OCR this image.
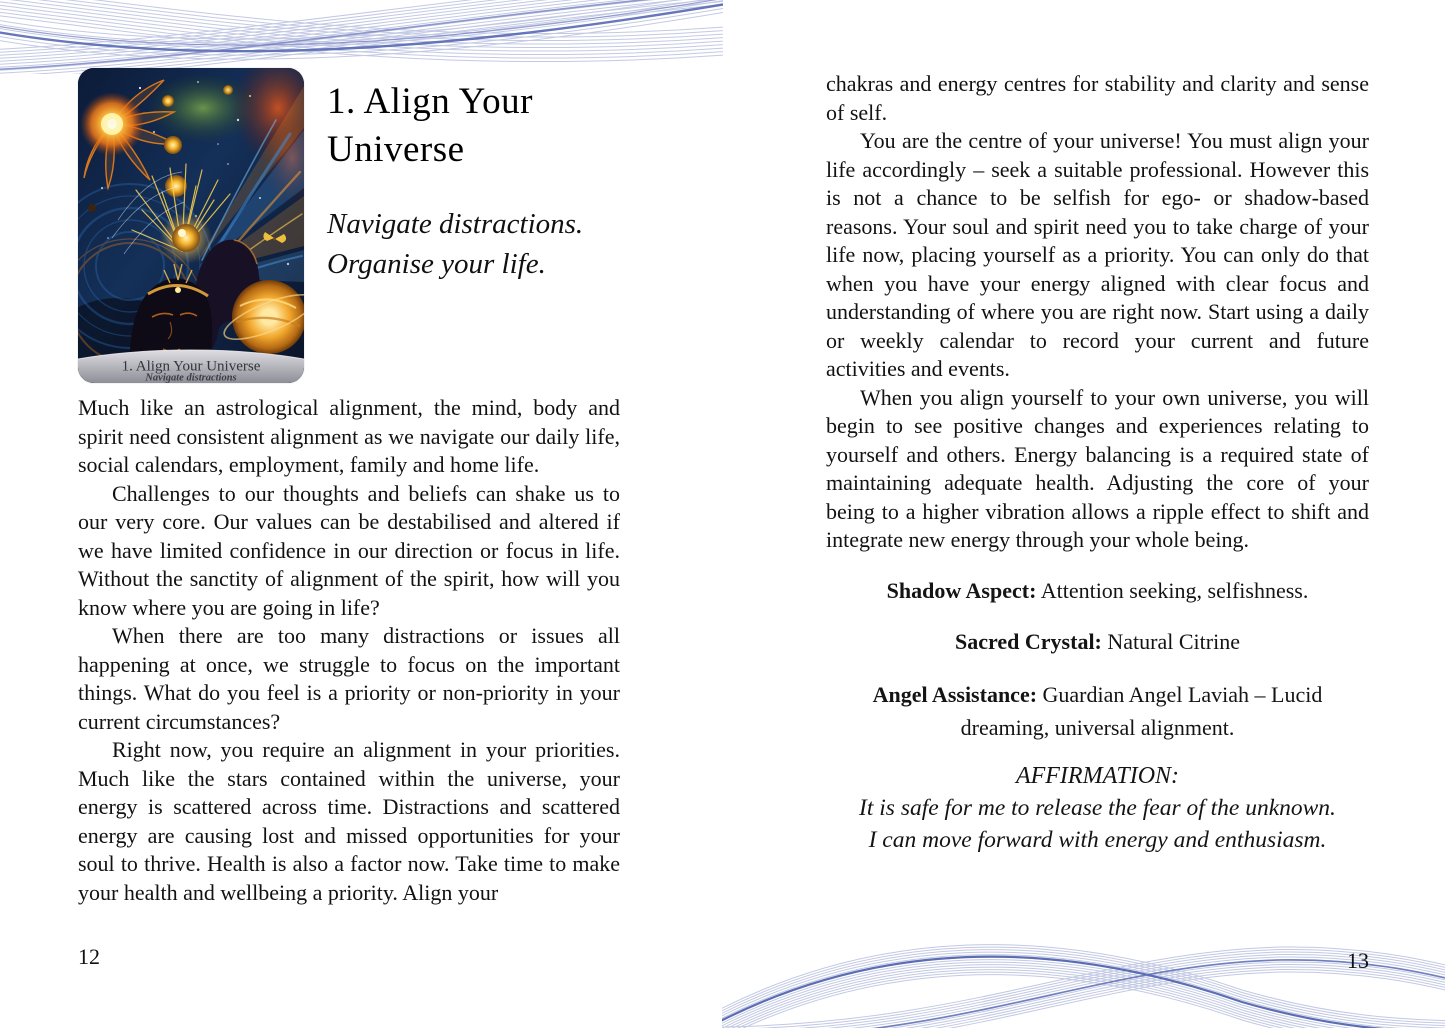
1. Align Your Universe
Navigate distractions
1. Align Your Universe
Navigate distractions.
Organise your life.

Much like an astrological alignment, the mind, body and spirit need consistent alignment as we navigate our daily life, social calendars, employment, family and home life.

Challenges to our thoughts and beliefs can shake us to our very core. Our values can be destabilised and altered if we have limited confidence in our direction or focus in life. Without the sanctity of alignment of the spirit, how will you know where you are going in life?

When there are too many distractions or issues all happening at once, we struggle to focus on the important things. What do you feel is a priority or non-priority in your current circumstances?

Right now, you require an alignment in your priorities. Much like the stars contained within the universe, your energy is scattered across time. Distractions and scattered energy are causing lost and missed opportunities for your soul to thrive. Health is also a factor now. Take time to make your health and wellbeing a priority. Align your

12

chakras and energy centres for stability and clarity and sense of self.

You are the centre of your universe! You must align your life accordingly – seek a suitable professional. However this is not a chance to be selfish for ego- or shadow-based reasons. Your soul and spirit need you to take charge of your life now, placing yourself as a priority. You can only do that when you have your energy aligned with clear focus and understanding of where you are right now. Start using a daily or weekly calendar to record your current and future activities and events.

When you align yourself to your own universe, you will begin to see positive changes and experiences relating to yourself and others. Energy balancing is a required state of maintaining adequate health. Adjusting the core of your being to a higher vibration allows a ripple effect to shift and integrate new energy through your whole being.

Shadow Aspect: Attention seeking, selfishness.

Sacred Crystal: Natural Citrine

Angel Assistance: Guardian Angel Laviah – Lucid dreaming, universal alignment.

AFFIRMATION:
It is safe for me to release the fear of the unknown.
I can move forward with energy and enthusiasm.
13
